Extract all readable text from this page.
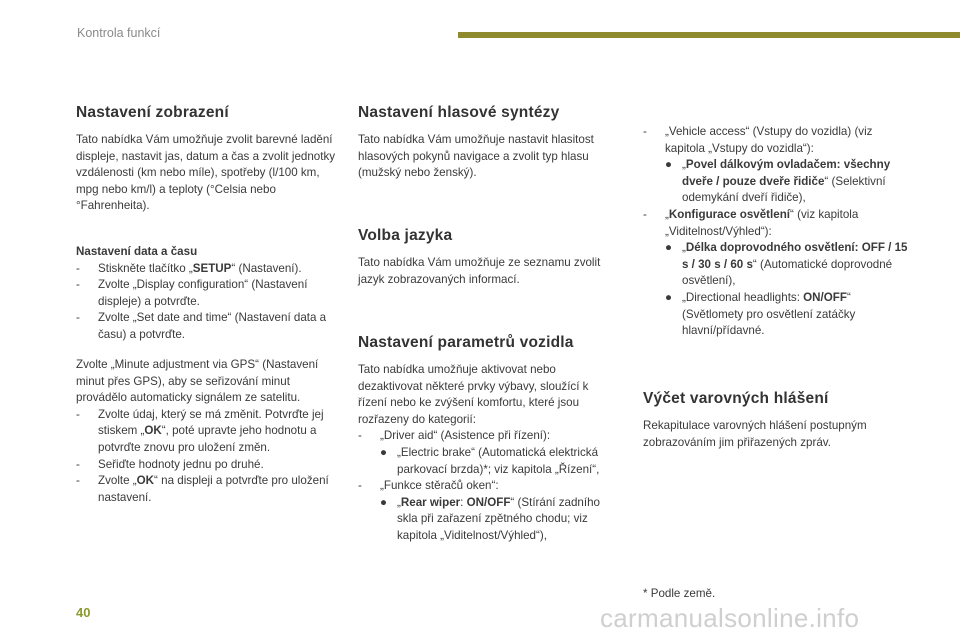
Kontrola funkcí
Nastavení zobrazení

Tato nabídka Vám umožňuje zvolit barevné ladění displeje, nastavit jas, datum a čas a zvolit jednotky vzdálenosti (km nebo míle), spotřeby (l/100 km, mpg nebo km/l) a teploty (°Celsia nebo °Fahrenheita).

Nastavení data a času

- Stiskněte tlačítko „SETUP“ (Nastavení).
- Zvolte „Display configuration“ (Nastavení displeje) a potvrďte.
- Zvolte „Set date and time“ (Nastavení data a času) a potvrďte.

Zvolte „Minute adjustment via GPS“ (Nastavení minut přes GPS), aby se seřizování minut provádělo automaticky signálem ze satelitu.

- Zvolte údaj, který se má změnit. Potvrďte jej stiskem „OK“, poté upravte jeho hodnotu a potvrďte znovu pro uložení změn.
- Seřiďte hodnoty jednu po druhé.
- Zvolte „OK“ na displeji a potvrďte pro uložení nastavení.
Nastavení hlasové syntézy

Tato nabídka Vám umožňuje nastavit hlasitost hlasových pokynů navigace a zvolit typ hlasu (mužský nebo ženský).

Volba jazyka

Tato nabídka Vám umožňuje ze seznamu zvolit jazyk zobrazovaných informací.

Nastavení parametrů vozidla

Tato nabídka umožňuje aktivovat nebo dezaktivovat některé prvky výbavy, sloužící k řízení nebo ke zvýšení komfortu, které jsou rozřazeny do kategorií:

- „Driver aid“ (Asistence při řízení):
● „Electric brake“ (Automatická elektrická parkovací brzda)*; viz kapitola „Řízení“,
- „Funkce stěračů oken“:
● „Rear wiper: ON/OFF“ (Stírání zadního skla při zařazení zpětného chodu; viz kapitola „Viditelnost/Výhled“),
- „Vehicle access“ (Vstupy do vozidla) (viz kapitola „Vstupy do vozidla“):
● „Povel dálkovým ovladačem: všechny dveře / pouze dveře řidiče“ (Selektivní odemykání dveří řidiče),
- „Konfigurace osvětlení“ (viz kapitola „Viditelnost/Výhled“):
● „Délka doprovodného osvětlení: OFF / 15 s / 30 s / 60 s“ (Automatické doprovodné osvětlení),
● „Directional headlights: ON/OFF“ (Světlomety pro osvětlení zatáčky hlavní/přídavné.
Výčet varovných hlášení

Rekapitulace varovných hlášení postupným zobrazováním jim přiřazených zpráv.

* Podle země.
40	carmanualsonline.info
